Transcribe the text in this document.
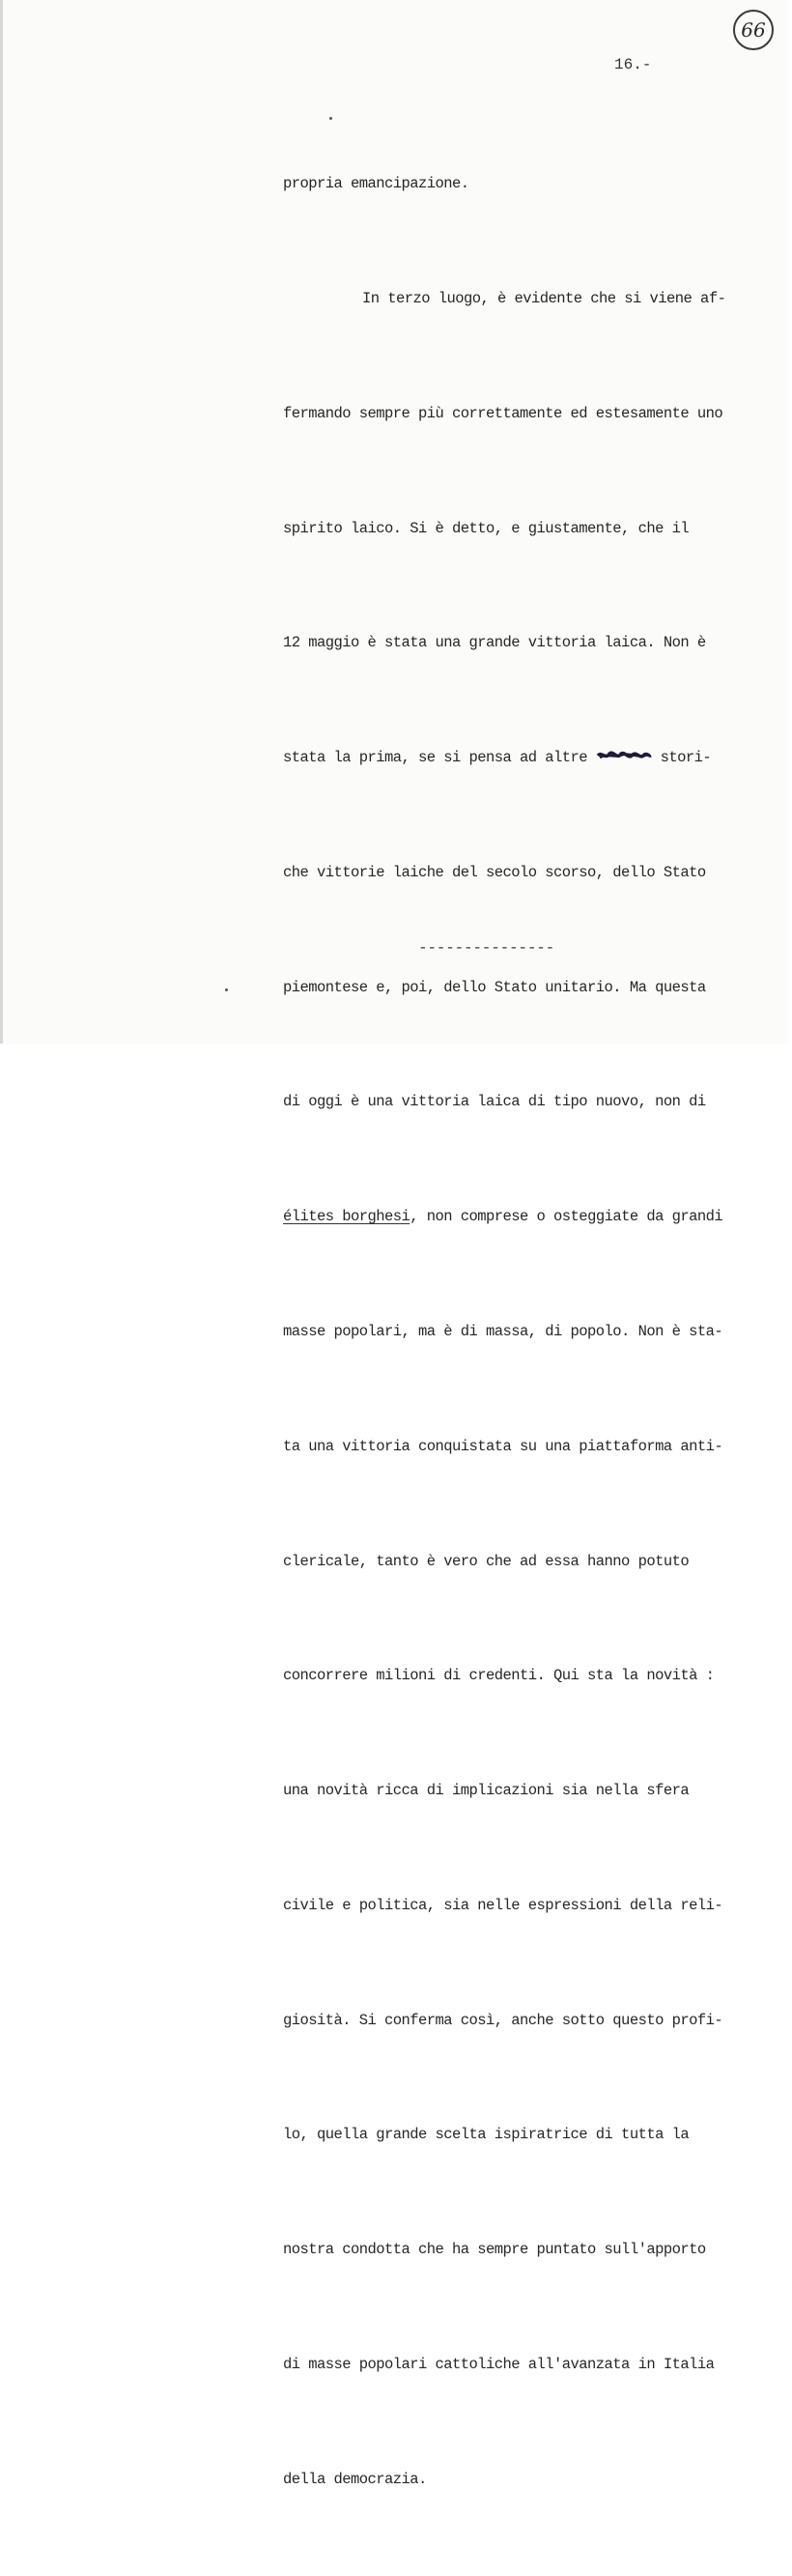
66
16.-

propria emancipazione.

In terzo luogo, è evidente che si viene af-

fermando sempre più correttamente ed estesamente uno

spirito laico. Si è detto, e giustamente, che il

12 maggio è stata una grande vittoria laica. Non è

stata la prima, se si pensa ad altre	stori-

che vittorie laiche del secolo scorso, dello Stato

piemontese e, poi, dello Stato unitario. Ma questa

di oggi è una vittoria laica di tipo nuovo, non di

élites borghesi, non comprese o osteggiate da grandi

masse popolari, ma è di massa, di popolo. Non è sta-

ta una vittoria conquistata su una piattaforma anti-

clericale, tanto è vero che ad essa hanno potuto

concorrere milioni di credenti. Qui sta la novità :

una novità ricca di implicazioni sia nella sfera

civile e politica, sia nelle espressioni della reli-

giosità. Si conferma così, anche sotto questo profi-

lo, quella grande scelta ispiratrice di tutta la

nostra condotta che ha sempre puntato sull'apporto

di masse popolari cattoliche all'avanzata in Italia

della democrazia.

---------------
